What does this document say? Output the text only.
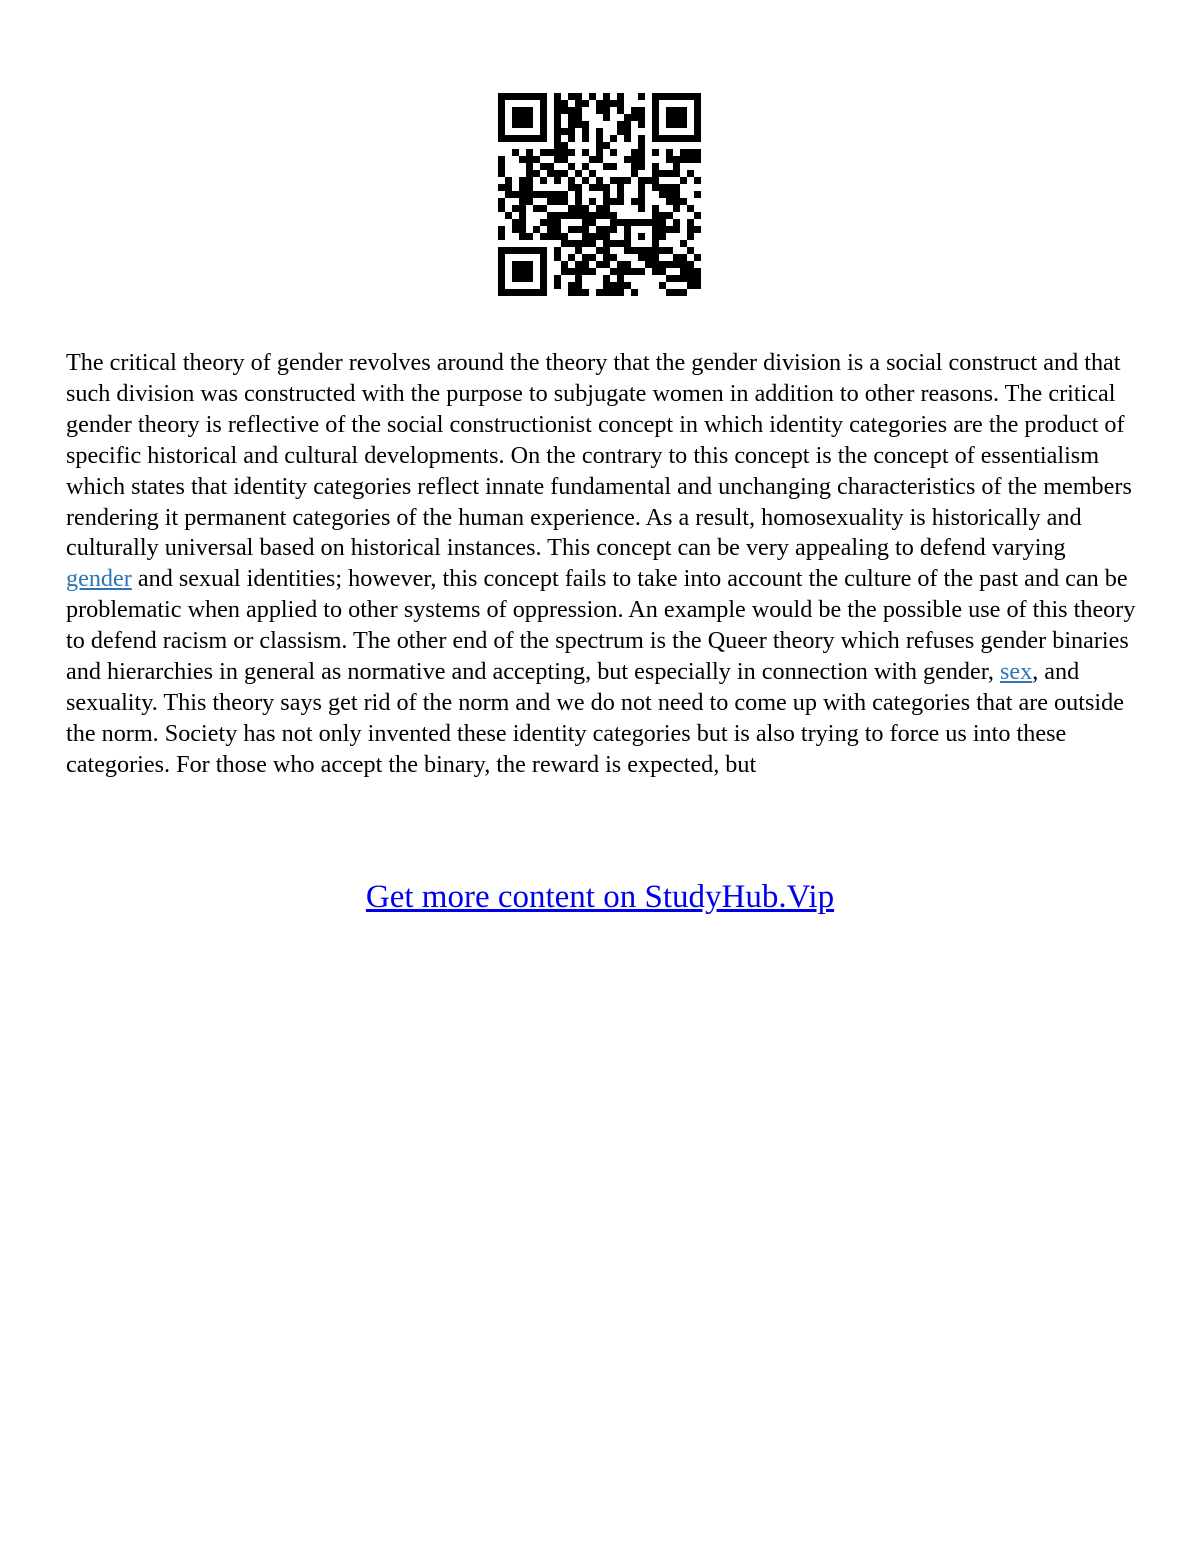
The critical theory of gender revolves around the theory that the gender division is a social construct and that such division was constructed with the purpose to subjugate women in addition to other reasons. The critical gender theory is reflective of the social constructionist concept in which identity categories are the product of specific historical and cultural developments. On the contrary to this concept is the concept of essentialism which states that identity categories reflect innate fundamental and unchanging characteristics of the members rendering it permanent categories of the human experience. As a result, homosexuality is historically and culturally universal based on historical instances. This concept can be very appealing to defend varying gender and sexual identities; however, this concept fails to take into account the culture of the past and can be problematic when applied to other systems of oppression. An example would be the possible use of this theory to defend racism or classism. The other end of the spectrum is the Queer theory which refuses gender binaries and hierarchies in general as normative and accepting, but especially in connection with gender, sex, and sexuality. This theory says get rid of the norm and we do not need to come up with categories that are outside the norm. Society has not only invented these identity categories but is also trying to force us into these categories. For those who accept the binary, the reward is expected, but

Get more content on StudyHub.Vip
